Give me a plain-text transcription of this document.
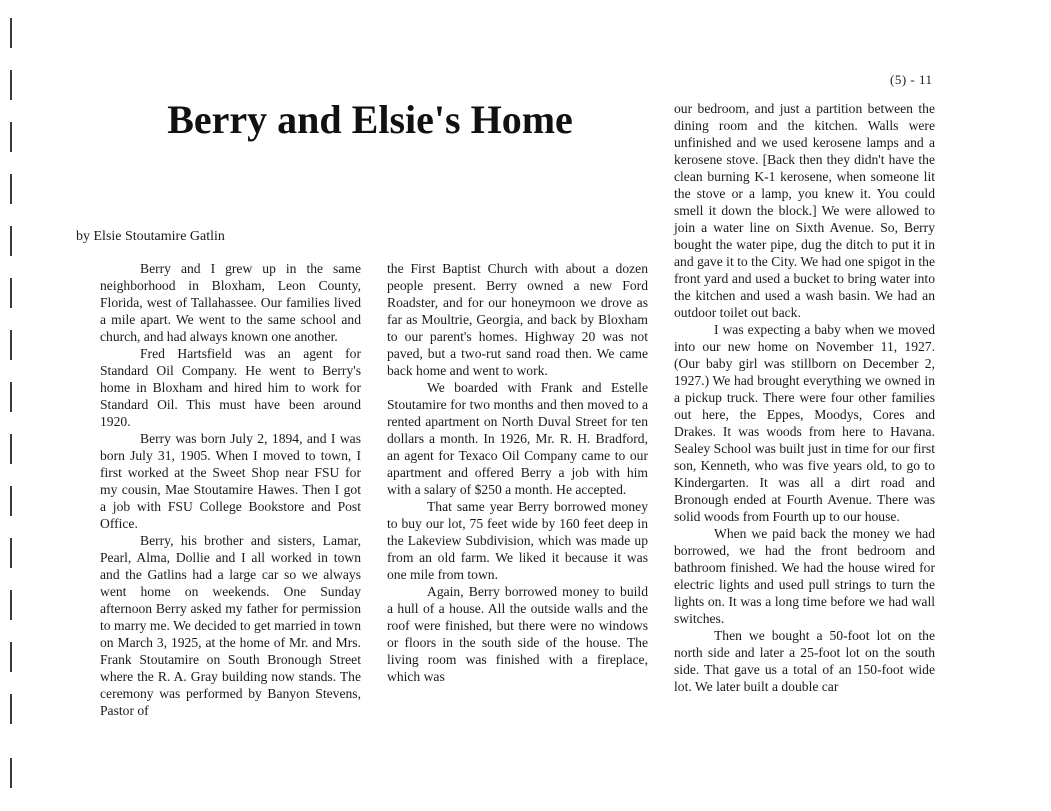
(5) - 11
Berry and Elsie's Home
by Elsie Stoutamire Gatlin

Berry and I grew up in the same neighborhood in Bloxham, Leon County, Florida, west of Tallahassee. Our families lived a mile apart. We went to the same school and church, and had always known one another.

Fred Hartsfield was an agent for Standard Oil Company. He went to Berry's home in Bloxham and hired him to work for Standard Oil. This must have been around 1920.

Berry was born July 2, 1894, and I was born July 31, 1905. When I moved to town, I first worked at the Sweet Shop near FSU for my cousin, Mae Stoutamire Hawes. Then I got a job with FSU College Bookstore and Post Office.

Berry, his brother and sisters, Lamar, Pearl, Alma, Dollie and I all worked in town and the Gatlins had a large car so we always went home on weekends. One Sunday afternoon Berry asked my father for permission to marry me. We decided to get married in town on March 3, 1925, at the home of Mr. and Mrs. Frank Stoutamire on South Bronough Street where the R. A. Gray building now stands. The ceremony was performed by Banyon Stevens, Pastor of

the First Baptist Church with about a dozen people present. Berry owned a new Ford Roadster, and for our honeymoon we drove as far as Moultrie, Georgia, and back by Bloxham to our parent's homes. Highway 20 was not paved, but a two-rut sand road then. We came back home and went to work.

We boarded with Frank and Estelle Stoutamire for two months and then moved to a rented apartment on North Duval Street for ten dollars a month. In 1926, Mr. R. H. Bradford, an agent for Texaco Oil Company came to our apartment and offered Berry a job with him with a salary of $250 a month. He accepted.

That same year Berry borrowed money to buy our lot, 75 feet wide by 160 feet deep in the Lakeview Subdivision, which was made up from an old farm. We liked it because it was one mile from town.

Again, Berry borrowed money to build a hull of a house. All the outside walls and the roof were finished, but there were no windows or floors in the south side of the house. The living room was finished with a fireplace, which was

our bedroom, and just a partition between the dining room and the kitchen. Walls were unfinished and we used kerosene lamps and a kerosene stove. [Back then they didn't have the clean burning K-1 kerosene, when someone lit the stove or a lamp, you knew it. You could smell it down the block.] We were allowed to join a water line on Sixth Avenue. So, Berry bought the water pipe, dug the ditch to put it in and gave it to the City. We had one spigot in the front yard and used a bucket to bring water into the kitchen and used a wash basin. We had an outdoor toilet out back.

I was expecting a baby when we moved into our new home on November 11, 1927. (Our baby girl was stillborn on December 2, 1927.) We had brought everything we owned in a pickup truck. There were four other families out here, the Eppes, Moodys, Cores and Drakes. It was woods from here to Havana. Sealey School was built just in time for our first son, Kenneth, who was five years old, to go to Kindergarten. It was all a dirt road and Bronough ended at Fourth Avenue. There was solid woods from Fourth up to our house.

When we paid back the money we had borrowed, we had the front bedroom and bathroom finished. We had the house wired for electric lights and used pull strings to turn the lights on. It was a long time before we had wall switches.

Then we bought a 50-foot lot on the north side and later a 25-foot lot on the south side. That gave us a total of an 150-foot wide lot. We later built a double car
